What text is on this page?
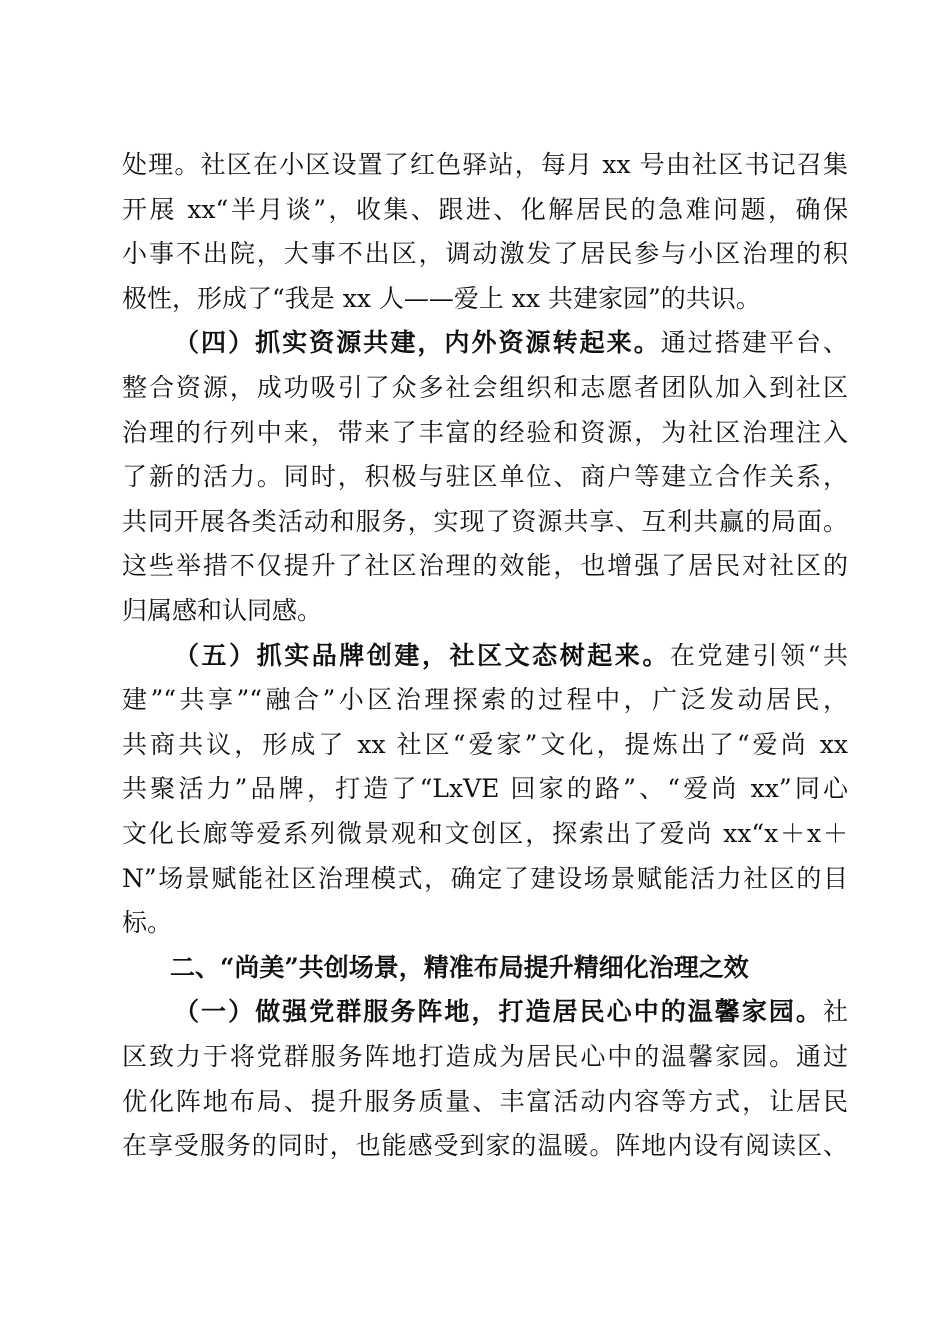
处理。社区在小区设置了红色驿站，每月 xx 号由社区书记召集
开展 xx“半月谈”，收集、跟进、化解居民的急难问题，确保
小事不出院，大事不出区，调动激发了居民参与小区治理的积
极性，形成了“我是 xx 人——爱上 xx 共建家园”的共识。
（四）抓实资源共建，内外资源转起来。通过搭建平台、
整合资源，成功吸引了众多社会组织和志愿者团队加入到社区
治理的行列中来，带来了丰富的经验和资源，为社区治理注入
了新的活力。同时，积极与驻区单位、商户等建立合作关系，
共同开展各类活动和服务，实现了资源共享、互利共赢的局面。
这些举措不仅提升了社区治理的效能，也增强了居民对社区的
归属感和认同感。
（五）抓实品牌创建，社区文态树起来。在党建引领“共
建”“共享”“融合”小区治理探索的过程中，广泛发动居民，
共商共议，形成了 xx 社区“爱家”文化，提炼出了“爱尚 xx
共聚活力”品牌，打造了“LxVE 回家的路”、“爱尚 xx”同心
文化长廊等爱系列微景观和文创区，探索出了爱尚 xx“x＋x＋
N”场景赋能社区治理模式，确定了建设场景赋能活力社区的目
标。
二、“尚美”共创场景，精准布局提升精细化治理之效
（一）做强党群服务阵地，打造居民心中的温馨家园。社
区致力于将党群服务阵地打造成为居民心中的温馨家园。通过
优化阵地布局、提升服务质量、丰富活动内容等方式，让居民
在享受服务的同时，也能感受到家的温暖。阵地内设有阅读区、
